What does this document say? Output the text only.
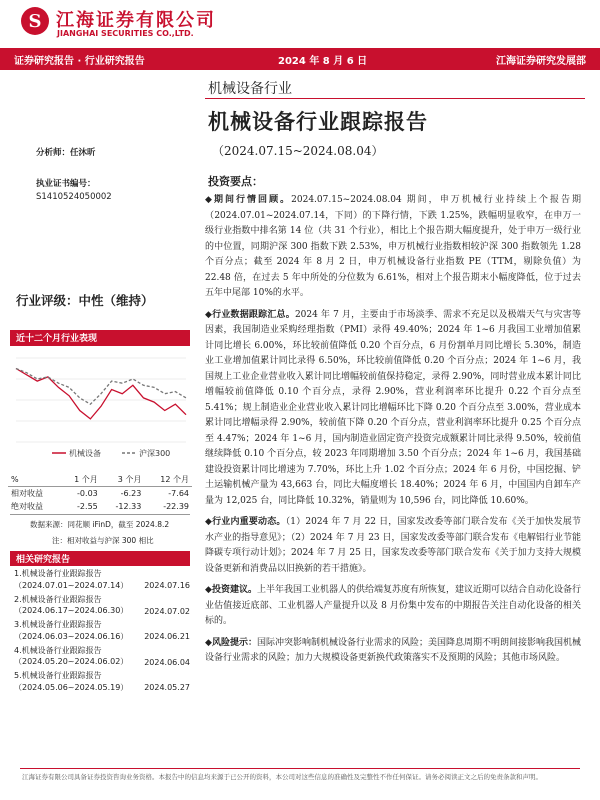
S 江海证券有限公司
JIANGHAI SECURITIES CO.,LTD.
证券研究报告 · 行业研究报告	2024 年 8 月 6 日	江海证券研究发展部
机械设备行业
机械设备行业跟踪报告
（2024.07.15~2024.08.04）
分析师：任沐昕
执业证书编号：
S1410524050002
行业评级：中性（维持）
近十二个月行业表现
机械设备	沪深300
%	1 个月	3 个月	12 个月
相对收益	-0.03	-6.23	-7.64
绝对收益	-2.55	-12.33	-22.39
数据来源：同花顺 iFinD，截至 2024.8.2
注：相对收益与沪深 300 相比
相关研究报告
1.机械设备行业跟踪报告（2024.07.01~2024.07.14）	2024.07.16
2.机械设备行业跟踪报告（2024.06.17~2024.06.30）	2024.07.02
3.机械设备行业跟踪报告（2024.06.03~2024.06.16）	2024.06.21
4.机械设备行业跟踪报告（2024.05.20~2024.06.02）	2024.06.04
5.机械设备行业跟踪报告（2024.05.06~2024.05.19）	2024.05.27
投资要点：

◆期间行情回顾。2024.07.15~2024.08.04 期间，申万机械行业持续上个报告期（2024.07.01~2024.07.14，下同）的下降行情，下跌 1.25%，跌幅明显收窄，在申万一级行业指数中排名第 14 位（共 31 个行业），相比上个报告期大幅度提升，处于申万一级行业的中位置，同期沪深 300 指数下跌 2.53%，申万机械行业指数相较沪深 300 指数领先 1.28 个百分点；截至 2024 年 8 月 2 日，申万机械设备行业指数 PE（TTM，剔除负值）为 22.48 倍，在过去 5 年中所处的分位数为 6.61%，相对上个报告期末小幅度降低，位于过去五年中尾部 10%的水平。

◆行业数据跟踪汇总。2024 年 7 月，主要由于市场淡季、需求不充足以及极端天气与灾害等因素，我国制造业采购经理指数（PMI）录得 49.40%；2024 年 1~6 月我国工业增加值累计同比增长 6.00%，环比较前值降低 0.20 个百分点，6 月份割单月同比增长 5.30%，制造业工业增加值累计同比录得 6.50%，环比较前值降低 0.20 个百分点；2024 年 1~6 月，我国规上工业企业营业收入累计同比增幅较前值保持稳定，录得 2.90%，同时营业成本累计同比增幅较前值降低 0.10 个百分点，录得 2.90%，营业利润率环比提升 0.22 个百分点至 5.41%；规上制造业企业营业收入累计同比增幅环比下降 0.20 个百分点至 3.00%，营业成本累计同比增幅录得 2.90%，较前值下降 0.20 个百分点，营业利润率环比提升 0.25 个百分点至 4.47%；2024 年 1~6 月，国内制造业固定资产投资完成额累计同比录得 9.50%，较前值继续降低 0.10 个百分点，较 2023 年同期增加 3.50 个百分点；2024 年 1~6 月，我国基础建设投资累计同比增速为 7.70%，环比上升 1.02 个百分点；2024 年 6 月份，中国挖掘、铲土运输机械产量为 43,663 台，同比大幅度增长 18.40%；2024 年 6 月，中国国内自卸车产量为 12,025 台，同比降低 10.32%，销量则为 10,596 台，同比降低 10.60%。

◆行业内重要动态。（1）2024 年 7 月 22 日，国家发改委等部门联合发布《关于加快发展节水产业的指导意见》；（2）2024 年 7 月 23 日，国家发改委等部门联合发布《电解铝行业节能降碳专项行动计划》；2024 年 7 月 25 日，国家发改委等部门联合发布《关于加力支持大规模设备更新和消费品以旧换新的若干措施》。

◆投资建议。上半年我国工业机器人的供给端复苏度有所恢复，建议近期可以结合自动化设备行业估值接近底部、工业机器人产量提升以及 8 月份集中发布的中期报告关注自动化设备的相关标的。

◆风险提示：国际冲突影响制机械设备行业需求的风险；美国降息周期不明朗间接影响我国机械设备行业需求的风险；加力大规模设备更新换代政策落实不及预期的风险；其他市场风险。

江海证券有限公司具备证券投资咨询业务资格。本报告中的信息均来源于已公开的资料，本公司对这些信息的准确性及完整性不作任何保证。请务必阅读正文之后的免责条款和声明。
